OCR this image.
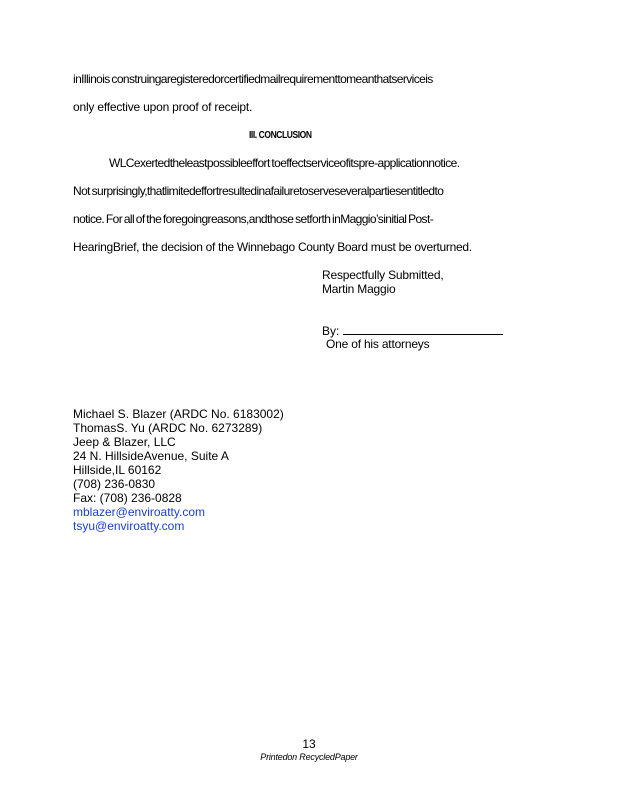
inIllinois construingaregisteredorcertifiedmailrequirementtomeanthatserviceis

only effective upon proof of receipt.

III. CONCLUSION

WLCexertedtheleastpossibleeffort toeffectserviceofitspre-applicationnotice.

Not surprisingly,thatlimitedeffortresultedinafailuretoserveseveralpartiesentitledto

notice. For all of the foregoingreasons,andthose setforth inMaggio’sinitial Post-

HearingBrief, the decision of the Winnebago County Board must be overturned.

Respectfully Submitted,
Martin Maggio
By:
One of his attorneys
Michael S. Blazer (ARDC No. 6183002)
ThomasS. Yu (ARDC No. 6273289)
Jeep & Blazer, LLC
24 N. HillsideAvenue, Suite A
Hillside,IL 60162
(708) 236-0830
Fax: (708) 236-0828
mblazer@enviroatty.com
tsyu@enviroatty.com
13
Printedon RecycledPaper
